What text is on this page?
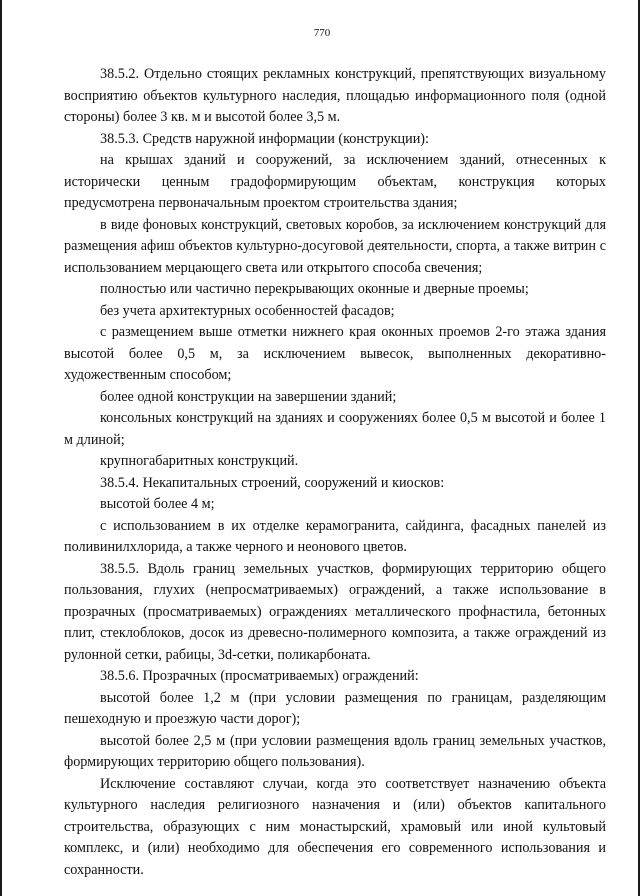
770

38.5.2. Отдельно стоящих рекламных конструкций, препятствующих визуальному восприятию объектов культурного наследия, площадью информационного поля (одной стороны) более 3 кв. м и высотой более 3,5 м.

38.5.3. Средств наружной информации (конструкции):

на крышах зданий и сооружений, за исключением зданий, отнесенных к исторически ценным градоформирующим объектам, конструкция которых предусмотрена первоначальным проектом строительства здания;

в виде фоновых конструкций, световых коробов, за исключением конструкций для размещения афиш объектов культурно-досуговой деятельности, спорта, а также витрин с использованием мерцающего света или открытого способа свечения;

полностью или частично перекрывающих оконные и дверные проемы;

без учета архитектурных особенностей фасадов;

с размещением выше отметки нижнего края оконных проемов 2-го этажа здания высотой более 0,5 м, за исключением вывесок, выполненных декоративно-художественным способом;

более одной конструкции на завершении зданий;

консольных конструкций на зданиях и сооружениях более 0,5 м высотой и более 1 м длиной;

крупногабаритных конструкций.

38.5.4. Некапитальных строений, сооружений и киосков:

высотой более 4 м;

с использованием в их отделке керамогранита, сайдинга, фасадных панелей из поливинилхлорида, а также черного и неонового цветов.

38.5.5. Вдоль границ земельных участков, формирующих территорию общего пользования, глухих (непросматриваемых) ограждений, а также использование в прозрачных (просматриваемых) ограждениях металлического профнастила, бетонных плит, стеклоблоков, досок из древесно-полимерного композита, а также ограждений из рулонной сетки, рабицы, 3d-сетки, поликарбоната.

38.5.6. Прозрачных (просматриваемых) ограждений:

высотой более 1,2 м (при условии размещения по границам, разделяющим пешеходную и проезжую части дорог);

высотой более 2,5 м (при условии размещения вдоль границ земельных участков, формирующих территорию общего пользования).

Исключение составляют случаи, когда это соответствует назначению объекта культурного наследия религиозного назначения и (или) объектов капитального строительства, образующих с ним монастырский, храмовый или иной культовый комплекс, и (или) необходимо для обеспечения его современного использования и сохранности.
